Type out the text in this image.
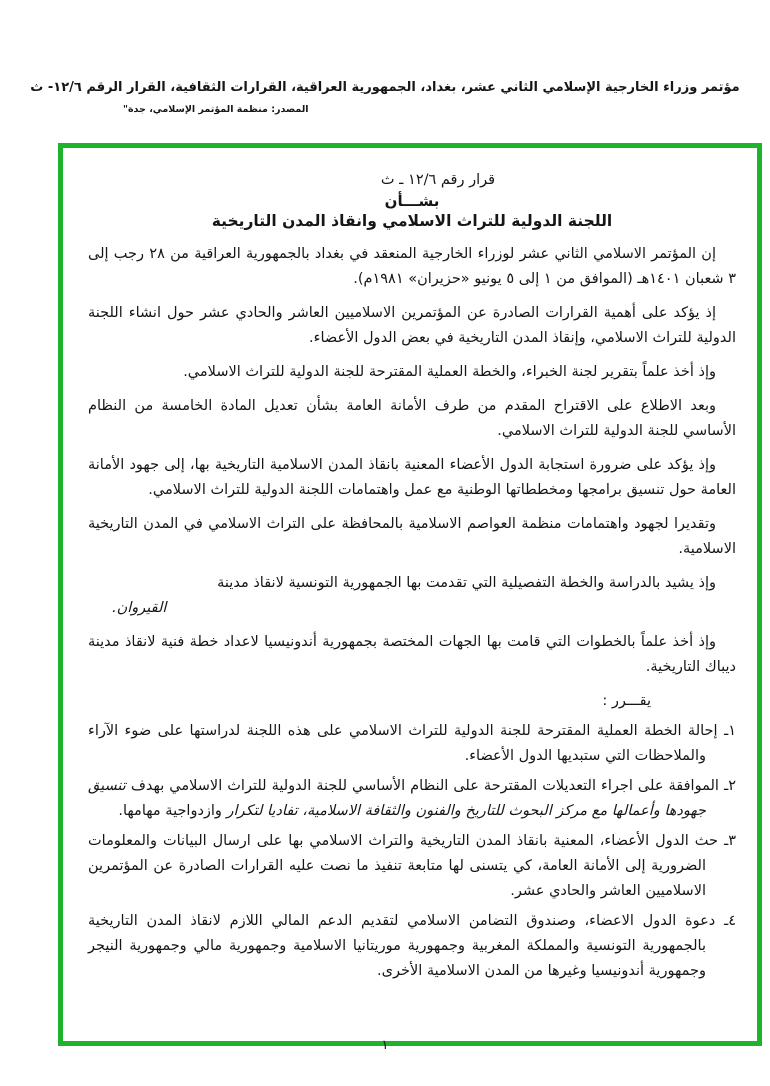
مؤتمر وزراء الخارجية الإسلامي الثاني عشر، بغداد، الجمهورية العراقية، القرارات الثقافية، القرار الرقم ١٢/٦- ث
المصدر: منظمة المؤتمر الإسلامي، جدة"
قرار رقم ١٢/٦ ـ ث
بشـــأن
اللجنة الدولية للتراث الاسلامي وانقاذ المدن التاريخية
إن المؤتمر الاسلامي الثاني عشر لوزراء الخارجية المنعقد في بغداد بالجمهورية العراقية من ٢٨ رجب إلى ٣ شعبان ١٤٠١هـ (الموافق من ١ إلى ٥ يونيو «حزيران» ١٩٨١م).
إذ يؤكد على أهمية القرارات الصادرة عن المؤتمرين الاسلاميين العاشر والحادي عشر حول انشاء اللجنة الدولية للتراث الاسلامي، وإنقاذ المدن التاريخية في بعض الدول الأعضاء.
وإذ أخذ علماً بتقرير لجنة الخبراء، والخطة العملية المقترحة للجنة الدولية للتراث الاسلامي.
وبعد الاطلاع على الاقتراح المقدم من طرف الأمانة العامة بشأن تعديل المادة الخامسة من النظام الأساسي للجنة الدولية للتراث الاسلامي.
وإذ يؤكد على ضرورة استجابة الدول الأعضاء المعنية بانقاذ المدن الاسلامية التاريخية بها، إلى جهود الأمانة العامة حول تنسيق برامجها ومخططاتها الوطنية مع عمل واهتمامات اللجنة الدولية للتراث الاسلامي.
وتقديرا لجهود واهتمامات منظمة العواصم الاسلامية بالمحافظة على التراث الاسلامي في المدن التاريخية الاسلامية.
وإذ يشيد بالدراسة والخطة التفصيلية التي تقدمت بها الجمهورية التونسية لانقاذ مدينة
القيروان.
وإذ أخذ علماً بالخطوات التي قامت بها الجهات المختصة بجمهورية أندونيسيا لاعداد خطة فنية لانقاذ مدينة ديباك التاريخية.
يقـــرر :
١ـ إحالة الخطة العملية المقترحة للجنة الدولية للتراث الاسلامي على هذه اللجنة لدراستها على ضوء الآراء والملاحظات التي ستبديها الدول الأعضاء.
٢ـ الموافقة على اجراء التعديلات المقترحة على النظام الأساسي للجنة الدولية للتراث الاسلامي بهدف تنسيق جهودها وأعمالها مع مركز البحوث للتاريخ والفنون والثقافة الاسلامية، تفاديا لتكرار وازدواجية مهامها.
٣ـ حث الدول الأعضاء، المعنية بانقاذ المدن التاريخية والتراث الاسلامي بها على ارسال البيانات والمعلومات الضرورية إلى الأمانة العامة، كي يتسنى لها متابعة تنفيذ ما نصت عليه القرارات الصادرة عن المؤتمرين الاسلاميين العاشر والحادي عشر.
٤ـ دعوة الدول الاعضاء، وصندوق التضامن الاسلامي لتقديم الدعم المالي اللازم لانقاذ المدن التاريخية بالجمهورية التونسية والمملكة المغربية وجمهورية موريتانيا الاسلامية وجمهورية مالي وجمهورية النيجر وجمهورية أندونيسيا وغيرها من المدن الاسلامية الأخرى.
١
